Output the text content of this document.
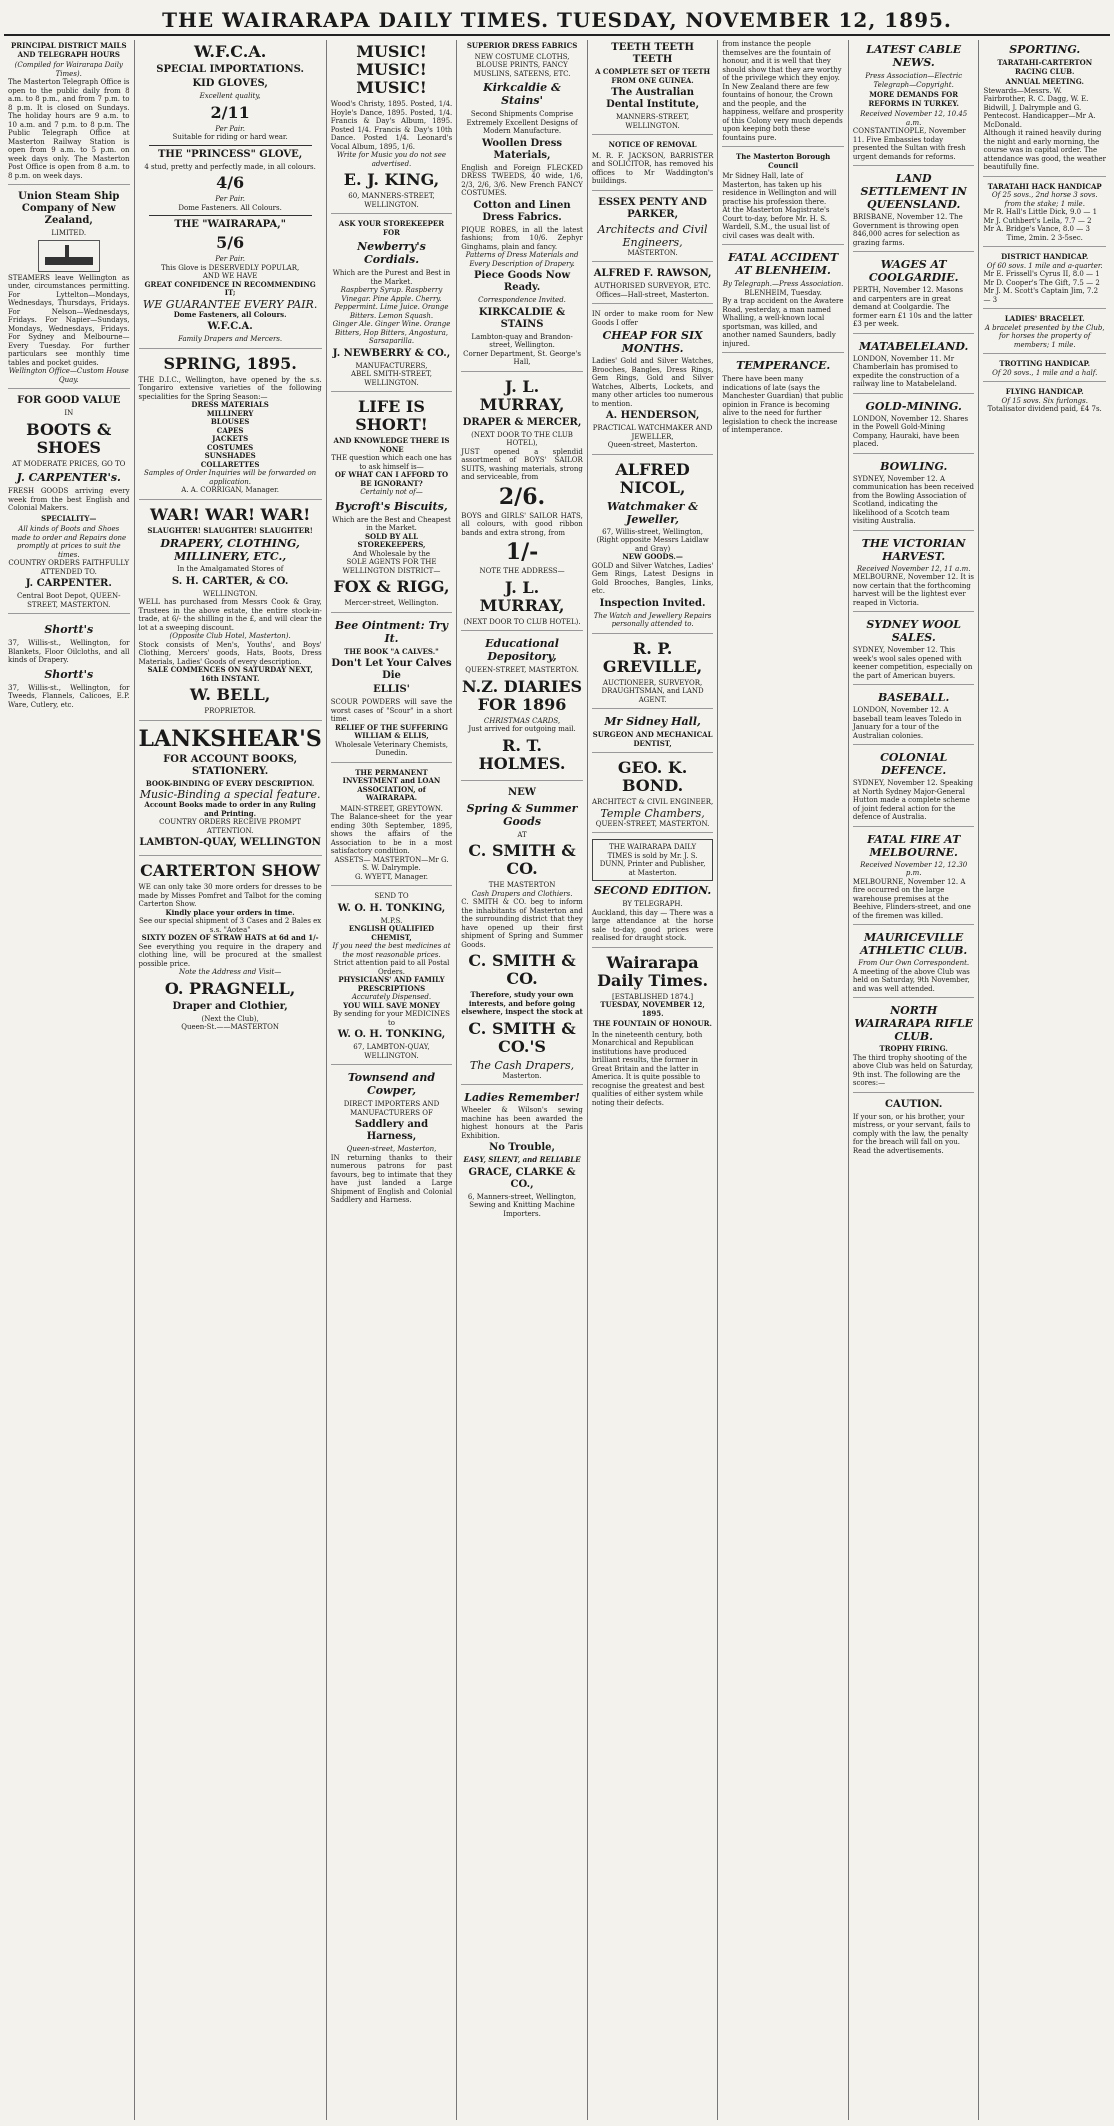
THE WAIRARAPA DAILY TIMES. TUESDAY, NOVEMBER 12, 1895.
PRINCIPAL DISTRICT MAILS AND TELEGRAPH HOURS
(Compiled for Wairarapa Daily Times).
The Masterton Telegraph Office is open to the public daily from 8 a.m. to 8 p.m., and from 7 p.m. to 8 p.m. It is closed on Sundays. The holiday hours are 9 a.m. to 10 a.m. and 7 p.m. to 8 p.m. The Public Telegraph Office at Masterton Railway Station is open from 9 a.m. to 5 p.m. on week days only. The Masterton Post Office is open from 8 a.m. to 8 p.m. on week days.
Union Steam Ship Company of New Zealand,
LIMITED.
STEAMERS leave Wellington as under, circumstances permitting. For Lyttelton—Mondays, Wednesdays, Thursdays, Fridays. For Nelson—Wednesdays, Fridays. For Napier—Sundays, Mondays, Wednesdays, Fridays. For Sydney and Melbourne—Every Tuesday. For further particulars see monthly time tables and pocket guides.
Wellington Office—Custom House Quay.
FOR GOOD VALUE
IN
BOOTS & SHOES
AT MODERATE PRICES, GO TO
J. CARPENTER's.
FRESH GOODS arriving every week from the best English and Colonial Makers.
SPECIALITY—
All kinds of Boots and Shoes made to order and Repairs done promptly at prices to suit the times.
COUNTRY ORDERS FAITHFULLY ATTENDED TO.
J. CARPENTER.
Central Boot Depot, QUEEN-STREET, MASTERTON.
Shortt's
37, Willis-st., Wellington, for Blankets, Floor Oilcloths, and all kinds of Drapery.
Shortt's
37, Willis-st., Wellington, for Tweeds, Flannels, Calicoes, E.P. Ware, Cutlery, etc.
W.F.C.A.
SPECIAL IMPORTATIONS.
KID GLOVES,
Excellent quality,
2/11
Per Pair.
Suitable for riding or hard wear.
THE "PRINCESS" GLOVE,
4 stud, pretty and perfectly made, in all colours.
4/6
Per Pair.
Dome Fasteners. All Colours.
THE "WAIRARAPA,"
5/6
Per Pair.
This Glove is DESERVEDLY POPULAR,
AND WE HAVE
GREAT CONFIDENCE IN RECOMMENDING IT;
WE GUARANTEE EVERY PAIR.
Dome Fasteners, all Colours.
W.F.C.A.
Family Drapers and Mercers.
SPRING, 1895.
THE D.I.C., Wellington, have opened by the s.s. Tongariro extensive varieties of the following specialities for the Spring Season:—
DRESS MATERIALS
MILLINERY
BLOUSES
CAPES
JACKETS
COSTUMES
SUNSHADES
COLLARETTES
Samples of Order Inquiries will be forwarded on application.
A. A. CORRIGAN, Manager.
WAR! WAR! WAR!
SLAUGHTER! SLAUGHTER! SLAUGHTER!
DRAPERY, CLOTHING, MILLINERY, ETC.,
In the Amalgamated Stores of
S. H. CARTER, & CO.
WELLINGTON.
WELL has purchased from Messrs Cook & Gray, Trustees in the above estate, the entire stock-in-trade, at 6/- the shilling in the £, and will clear the lot at a sweeping discount.
(Opposite Club Hotel, Masterton).
Stock consists of Men's, Youths', and Boys' Clothing, Mercers' goods, Hats, Boots, Dress Materials, Ladies' Goods of every description.
SALE COMMENCES ON SATURDAY NEXT, 16th INSTANT.
W. BELL,
PROPRIETOR.
LANKSHEAR'S
FOR ACCOUNT BOOKS, STATIONERY.
BOOK-BINDING OF EVERY DESCRIPTION.
Music-Binding a special feature.
Account Books made to order in any Ruling and Printing.
COUNTRY ORDERS RECEIVE PROMPT ATTENTION.
LAMBTON-QUAY, WELLINGTON
CARTERTON SHOW
WE can only take 30 more orders for dresses to be made by Misses Pomfret and Talbot for the coming Carterton Show.
Kindly place your orders in time.
See our special shipment of 3 Cases and 2 Bales ex s.s. "Aotea"
SIXTY DOZEN OF STRAW HATS at 6d and 1/-
See everything you require in the drapery and clothing line, will be procured at the smallest possible price.
Note the Address and Visit—
O. PRAGNELL,
Draper and Clothier,
(Next the Club),
Queen-St.——MASTERTON
MUSIC! MUSIC! MUSIC!
Wood's Christy, 1895. Posted, 1/4. Hoyle's Dance, 1895. Posted, 1/4. Francis & Day's Album, 1895. Posted 1/4. Francis & Day's 10th Dance. Posted 1/4. Leonard's Vocal Album, 1895, 1/6.
Write for Music you do not see advertised.
E. J. KING,
60, MANNERS-STREET, WELLINGTON.
ASK YOUR STOREKEEPER FOR
Newberry's Cordials.
Which are the Purest and Best in the Market.
Raspberry Syrup. Raspberry Vinegar. Pine Apple. Cherry. Peppermint. Lime Juice. Orange Bitters. Lemon Squash.
Ginger Ale. Ginger Wine. Orange Bitters, Hop Bitters, Angostura, Sarsaparilla.
J. NEWBERRY & CO.,
MANUFACTURERS,
ABEL SMITH-STREET, WELLINGTON.
LIFE IS SHORT!
AND KNOWLEDGE THERE IS NONE
THE question which each one has to ask himself is—
OF WHAT CAN I AFFORD TO BE IGNORANT?
Certainly not of—
Bycroft's Biscuits,
Which are the Best and Cheapest in the Market.
SOLD BY ALL STOREKEEPERS,
And Wholesale by the
SOLE AGENTS FOR THE WELLINGTON DISTRICT—
FOX & RIGG,
Mercer-street, Wellington.
Bee Ointment: Try It.
THE BOOK "A CALVES."
Don't Let Your Calves Die
ELLIS'
SCOUR POWDERS will save the worst cases of "Scour" in a short time.
RELIEF OF THE SUFFERING
WILLIAM & ELLIS,
Wholesale Veterinary Chemists, Dunedin.
THE PERMANENT INVESTMENT and LOAN ASSOCIATION, of WAIRARAPA.
MAIN-STREET, GREYTOWN.
The Balance-sheet for the year ending 30th September, 1895, shows the affairs of the Association to be in a most satisfactory condition.
ASSETS— MASTERTON—Mr G. S. W. Dalrymple.
G. WYETT, Manager.
SEND TO
W. O. H. TONKING,
M.P.S.
ENGLISH QUALIFIED CHEMIST,
If you need the best medicines at the most reasonable prices.
Strict attention paid to all Postal Orders.
PHYSICIANS' AND FAMILY PRESCRIPTIONS
Accurately Dispensed.
YOU WILL SAVE MONEY
By sending for your MEDICINES to
W. O. H. TONKING,
67, LAMBTON-QUAY, WELLINGTON.
Townsend and Cowper,
DIRECT IMPORTERS AND MANUFACTURERS OF
Saddlery and Harness,
Queen-street, Masterton,
IN returning thanks to their numerous patrons for past favours, beg to intimate that they have just landed a Large Shipment of English and Colonial Saddlery and Harness.
SUPERIOR DRESS FABRICS
NEW COSTUME CLOTHS, BLOUSE PRINTS, FANCY MUSLINS, SATEENS, ETC.
Kirkcaldie & Stains'
Second Shipments Comprise Extremely Excellent Designs of Modern Manufacture.
Woollen Dress Materials,
English and Foreign FLECKED DRESS TWEEDS, 40 wide, 1/6, 2/3, 2/6, 3/6. New French FANCY COSTUMES.
Cotton and Linen Dress Fabrics.
PIQUE ROBES, in all the latest fashions; from 10/6. Zephyr Ginghams, plain and fancy.
Patterns of Dress Materials and Every Description of Drapery.
Piece Goods Now Ready.
Correspondence Invited.
KIRKCALDIE & STAINS
Lambton-quay and Brandon-street, Wellington.
Corner Department, St. George's Hall,
J. L. MURRAY,
DRAPER & MERCER,
(NEXT DOOR TO THE CLUB HOTEL),
JUST opened a splendid assortment of BOYS' SAILOR SUITS, washing materials, strong and serviceable, from
2/6.
BOYS and GIRLS' SAILOR HATS, all colours, with good ribbon bands and extra strong, from
1/-
NOTE THE ADDRESS—
J. L. MURRAY,
(NEXT DOOR TO CLUB HOTEL).
Educational Depository,
QUEEN-STREET, MASTERTON.
N.Z. DIARIES FOR 1896
CHRISTMAS CARDS,
Just arrived for outgoing mail.
R. T. HOLMES.
NEW
Spring & Summer Goods
AT
C. SMITH & CO.
THE MASTERTON
Cash Drapers and Clothiers.
C. SMITH & CO. beg to inform the inhabitants of Masterton and the surrounding district that they have opened up their first shipment of Spring and Summer Goods.
C. SMITH & CO.
Therefore, study your own interests, and before going elsewhere, inspect the stock at
C. SMITH & CO.'S
The Cash Drapers,
Masterton.
Ladies Remember!
Wheeler & Wilson's sewing machine has been awarded the highest honours at the Paris Exhibition.
No Trouble,
EASY, SILENT, and RELIABLE
GRACE, CLARKE & CO.,
6, Manners-street, Wellington, Sewing and Knitting Machine Importers.
TEETH TEETH TEETH
A COMPLETE SET OF TEETH FROM ONE GUINEA.
The Australian Dental Institute,
MANNERS-STREET, WELLINGTON.
NOTICE OF REMOVAL
M. R. F. JACKSON, BARRISTER and SOLICITOR, has removed his offices to Mr Waddington's buildings.
ESSEX PENTY AND PARKER,
Architects and Civil Engineers,
MASTERTON.
ALFRED F. RAWSON,
AUTHORISED SURVEYOR, ETC.
Offices—Hall-street, Masterton.
IN order to make room for New Goods I offer
CHEAP FOR SIX MONTHS.
Ladies' Gold and Silver Watches, Brooches, Bangles, Dress Rings, Gem Rings, Gold and Silver Watches, Alberts, Lockets, and many other articles too numerous to mention.
A. HENDERSON,
PRACTICAL WATCHMAKER AND JEWELLER,
Queen-street, Masterton.
ALFRED NICOL,
Watchmaker & Jeweller,
67, Willis-street, Wellington,
(Right opposite Messrs Laidlaw and Gray)
NEW GOODS.—
GOLD and Silver Watches, Ladies' Gem Rings, Latest Designs in Gold Brooches, Bangles, Links, etc.
Inspection Invited.
The Watch and Jewellery Repairs personally attended to.
R. P. GREVILLE,
AUCTIONEER, SURVEYOR, DRAUGHTSMAN, and LAND AGENT.
Mr Sidney Hall,
SURGEON AND MECHANICAL DENTIST,
GEO. K. BOND.
ARCHITECT & CIVIL ENGINEER,
Temple Chambers,
QUEEN-STREET, MASTERTON.
THE WAIRARAPA DAILY TIMES is sold by Mr. J. S. DUNN, Printer and Publisher, at Masterton.
SECOND EDITION.
BY TELEGRAPH.
Auckland, this day — There was a large attendance at the horse sale to-day, good prices were realised for draught stock.
Wairarapa Daily Times.
[ESTABLISHED 1874.]
TUESDAY, NOVEMBER 12, 1895.
THE FOUNTAIN OF HONOUR.
In the nineteenth century, both Monarchical and Republican institutions have produced brilliant results, the former in Great Britain and the latter in America. It is quite possible to recognise the greatest and best qualities of either system while noting their defects.
from instance the people themselves are the fountain of honour, and it is well that they should show that they are worthy of the privilege which they enjoy. In New Zealand there are few fountains of honour, the Crown and the people, and the happiness, welfare and prosperity of this Colony very much depends upon keeping both these fountains pure.
The Masterton Borough Council
Mr Sidney Hall, late of Masterton, has taken up his residence in Wellington and will practise his profession there.
At the Masterton Magistrate's Court to-day, before Mr. H. S. Wardell, S.M., the usual list of civil cases was dealt with.
FATAL ACCIDENT AT BLENHEIM.
By Telegraph.—Press Association.
BLENHEIM, Tuesday.
By a trap accident on the Awatere Road, yesterday, a man named Whalling, a well-known local sportsman, was killed, and another named Saunders, badly injured.
TEMPERANCE.
There have been many indications of late (says the Manchester Guardian) that public opinion in France is becoming alive to the need for further legislation to check the increase of intemperance.
LATEST CABLE NEWS.
Press Association—Electric Telegraph—Copyright.
MORE DEMANDS FOR REFORMS IN TURKEY.
Received November 12, 10.45 a.m.
CONSTANTINOPLE, November 11. Five Embassies today presented the Sultan with fresh urgent demands for reforms.
LAND SETTLEMENT IN QUEENSLAND.
BRISBANE, November 12. The Government is throwing open 846,000 acres for selection as grazing farms.
WAGES AT COOLGARDIE.
PERTH, November 12. Masons and carpenters are in great demand at Coolgardie. The former earn £1 10s and the latter £3 per week.
MATABELELAND.
LONDON, November 11. Mr Chamberlain has promised to expedite the construction of a railway line to Matabeleland.
GOLD-MINING.
LONDON, November 12. Shares in the Powell Gold-Mining Company, Hauraki, have been placed.
BOWLING.
SYDNEY, November 12. A communication has been received from the Bowling Association of Scotland, indicating the likelihood of a Scotch team visiting Australia.
THE VICTORIAN HARVEST.
Received November 12, 11 a.m.
MELBOURNE, November 12. It is now certain that the forthcoming harvest will be the lightest ever reaped in Victoria.
SYDNEY WOOL SALES.
SYDNEY, November 12. This week's wool sales opened with keener competition, especially on the part of American buyers.
BASEBALL.
LONDON, November 12. A baseball team leaves Toledo in January for a tour of the Australian colonies.
COLONIAL DEFENCE.
SYDNEY, November 12. Speaking at North Sydney Major-General Hutton made a complete scheme of joint federal action for the defence of Australia.
FATAL FIRE AT MELBOURNE.
Received November 12, 12.30 p.m.
MELBOURNE, November 12. A fire occurred on the large warehouse premises at the Beehive, Flinders-street, and one of the firemen was killed.
MAURICEVILLE ATHLETIC CLUB.
From Our Own Correspondent.
A meeting of the above Club was held on Saturday, 9th November, and was well attended.
NORTH WAIRARAPA RIFLE CLUB.
TROPHY FIRING.
The third trophy shooting of the above Club was held on Saturday, 9th inst. The following are the scores:—
CAUTION.
If your son, or his brother, your mistress, or your servant, fails to comply with the law, the penalty for the breach will fall on you. Read the advertisements.
SPORTING.
TARATAHI-CARTERTON RACING CLUB.
ANNUAL MEETING.
Stewards—Messrs. W. Fairbrother, R. C. Dagg, W. E. Bidwill, J. Dalrymple and G. Pentecost. Handicapper—Mr A. McDonald.
Although it rained heavily during the night and early morning, the course was in capital order. The attendance was good, the weather beautifully fine.
TARATAHI HACK HANDICAP
Of 25 sovs., 2nd horse 3 sovs. from the stake; 1 mile.
Mr R. Hall's Little Dick, 9.0 — 1
Mr J. Cuthbert's Leila, 7.7 — 2
Mr A. Bridge's Vance, 8.0 — 3
Time, 2min. 2 3-5sec.
DISTRICT HANDICAP.
Of 60 sovs. 1 mile and a-quarter.
Mr E. Frissell's Cyrus II, 8.0 — 1
Mr D. Cooper's The Gift, 7.5 — 2
Mr J. M. Scott's Captain Jim, 7.2 — 3
LADIES' BRACELET.
A bracelet presented by the Club, for horses the property of members; 1 mile.
TROTTING HANDICAP.
Of 20 sovs., 1 mile and a half.
FLYING HANDICAP.
Of 15 sovs. Six furlongs.
Totalisator dividend paid, £4 7s.
